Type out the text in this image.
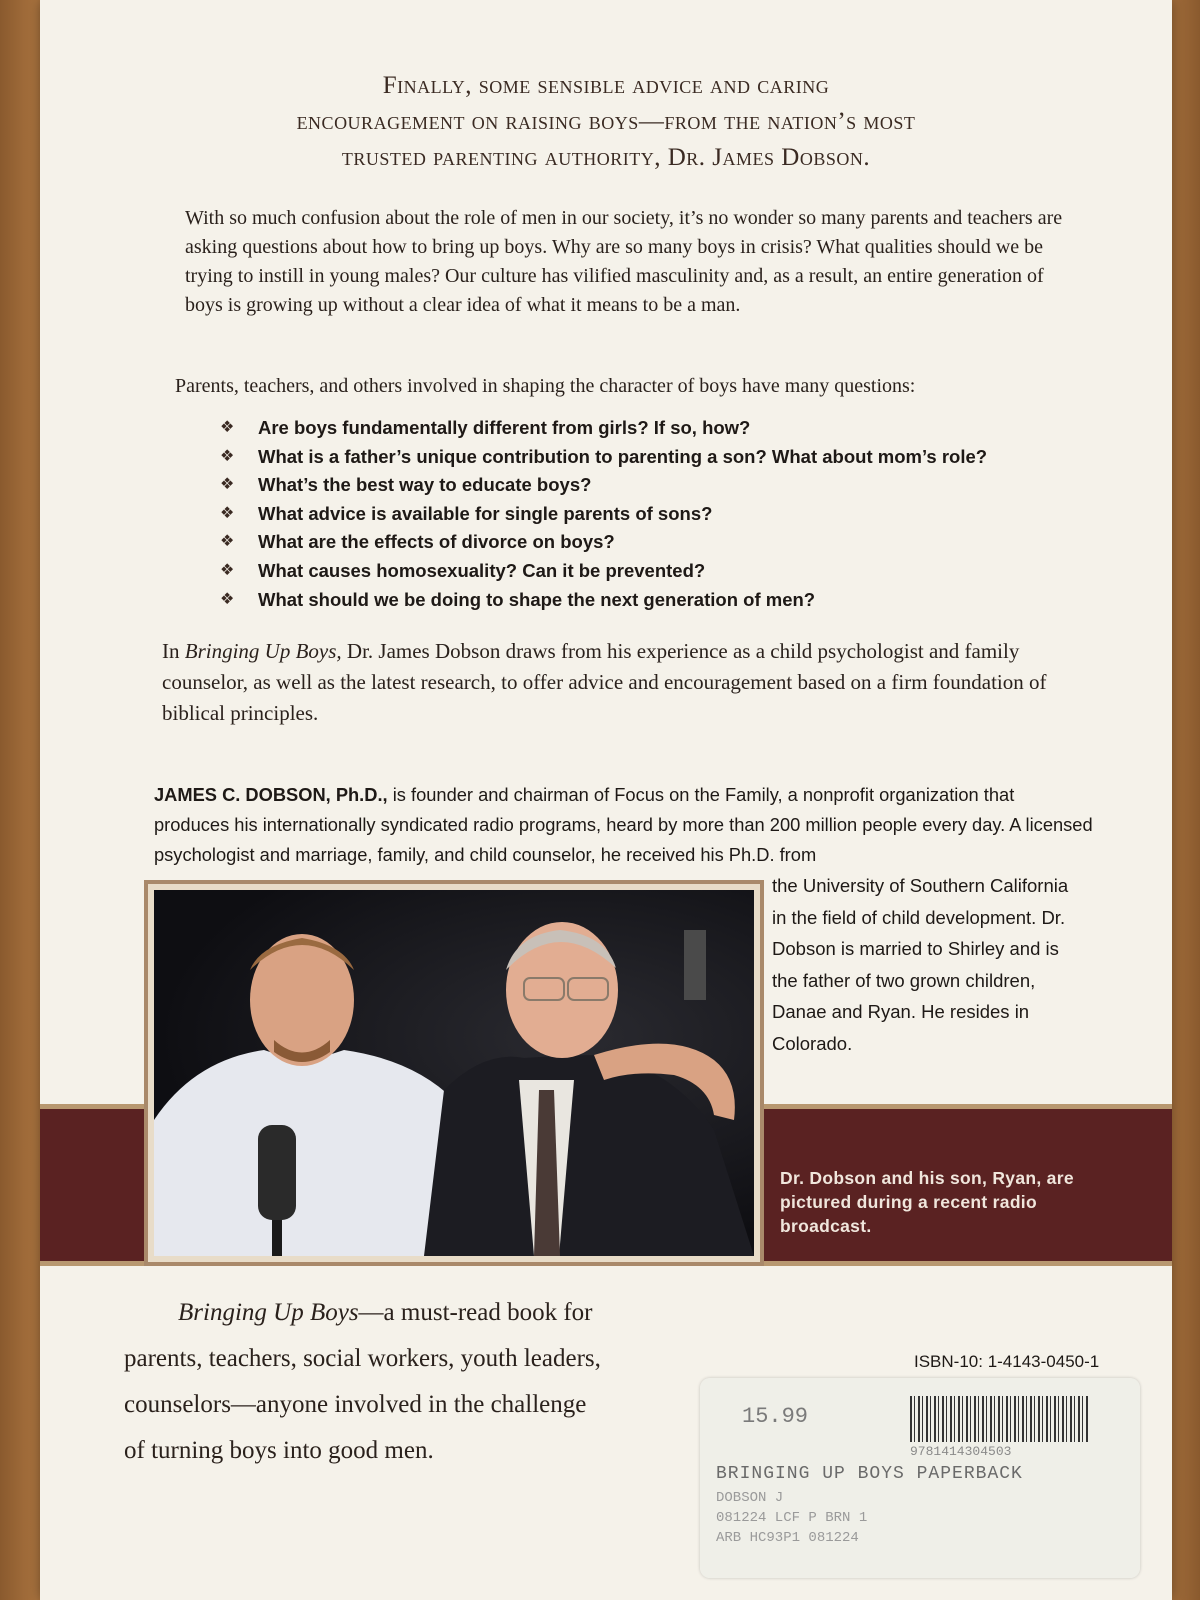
Finally, some sensible advice and caring
encouragement on raising boys—from the nation’s most
trusted parenting authority, Dr. James Dobson.
With so much confusion about the role of men in our society, it’s no wonder so many parents and teachers are asking questions about how to bring up boys. Why are so many boys in crisis? What qualities should we be trying to instill in young males? Our culture has vilified masculinity and, as a result, an entire generation of boys is growing up without a clear idea of what it means to be a man.
Parents, teachers, and others involved in shaping the character of boys have many questions:
❖	Are boys fundamentally different from girls? If so, how?
❖	What is a father’s unique contribution to parenting a son? What about mom’s role?
❖	What’s the best way to educate boys?
❖	What advice is available for single parents of sons?
❖	What are the effects of divorce on boys?
❖	What causes homosexuality? Can it be prevented?
❖	What should we be doing to shape the next generation of men?
In Bringing Up Boys, Dr. James Dobson draws from his experience as a child psychologist and family counselor, as well as the latest research, to offer advice and encouragement based on a firm foundation of biblical principles.
JAMES C. DOBSON, Ph.D., is founder and chairman of Focus on the Family, a nonprofit organization that produces his internationally syndicated radio programs, heard by more than 200 million people every day. A licensed psychologist and marriage, family, and child counselor, he received his Ph.D. from
the University of Southern California in the field of child development. Dr. Dobson is married to Shirley and is the father of two grown children, Danae and Ryan. He resides in Colorado.
Dr. Dobson and his son, Ryan, are pictured during a recent radio broadcast.
Bringing Up Boys—a must-read book for
parents, teachers, social workers, youth leaders,
counselors—anyone involved in the challenge
of turning boys into good men.
ISBN-10: 1-4143-0450-1
15.99
9781414304503
BRINGING UP BOYS PAPERBACK
DOBSON J
081224 LCF P BRN 1
ARB HC93P1 081224
